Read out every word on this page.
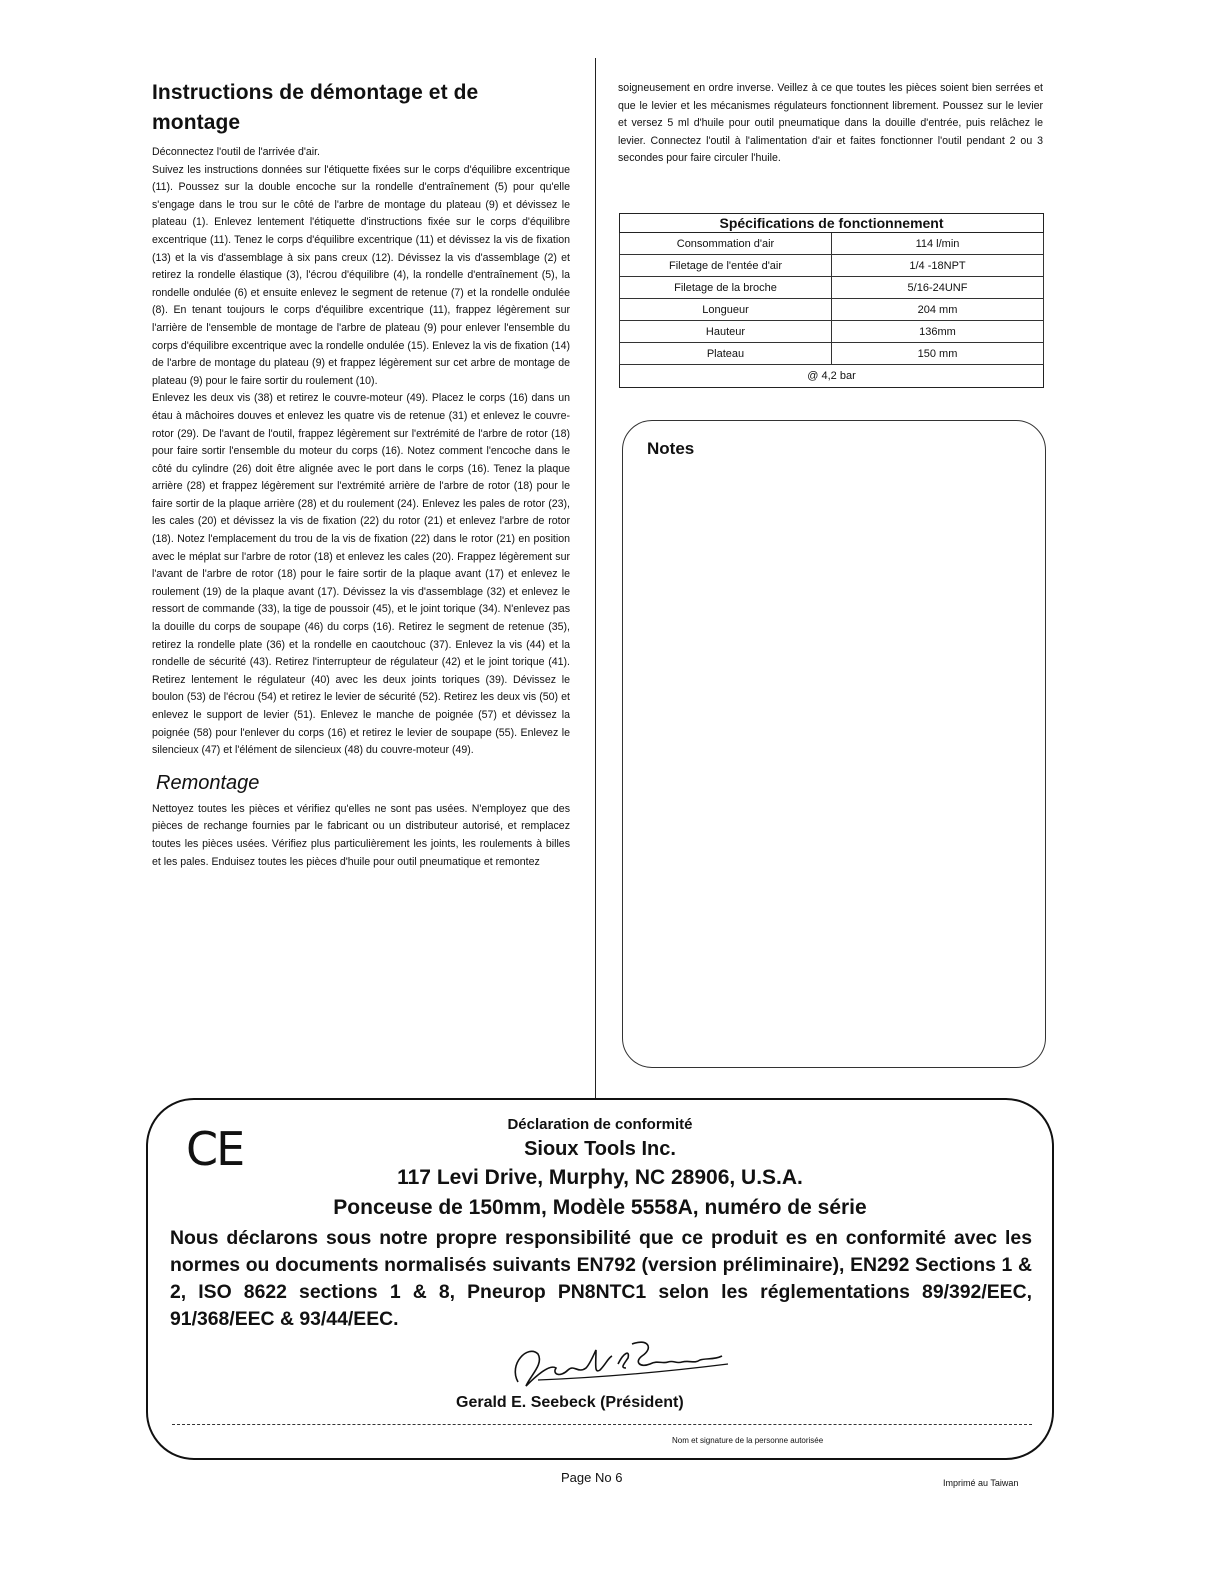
Instructions de démontage et de montage

Déconnectez l'outil de l'arrivée d'air.

Suivez les instructions données sur l'étiquette fixées sur le corps d'équilibre excentrique (11). Poussez sur la double encoche sur la rondelle d'entraînement (5) pour qu'elle s'engage dans le trou sur le côté de l'arbre de montage du plateau (9) et dévissez le plateau (1). Enlevez lentement l'étiquette d'instructions fixée sur le corps d'équilibre excentrique (11). Tenez le corps d'équilibre excentrique (11) et dévissez la vis de fixation (13) et la vis d'assemblage à six pans creux (12). Dévissez la vis d'assemblage (2) et retirez la rondelle élastique (3), l'écrou d'équilibre (4), la rondelle d'entraînement (5), la rondelle ondulée (6) et ensuite enlevez le segment de retenue (7) et la rondelle ondulée (8). En tenant toujours le corps d'équilibre excentrique (11), frappez légèrement sur l'arrière de l'ensemble de montage de l'arbre de plateau (9) pour enlever l'ensemble du corps d'équilibre excentrique avec la rondelle ondulée (15). Enlevez la vis de fixation (14) de l'arbre de montage du plateau (9) et frappez légèrement sur cet arbre de montage de plateau (9) pour le faire sortir du roulement (10).

Enlevez les deux vis (38) et retirez le couvre-moteur (49). Placez le corps (16) dans un étau à mâchoires douves et enlevez les quatre vis de retenue (31) et enlevez le couvre-rotor (29). De l'avant de l'outil, frappez légèrement sur l'extrémité de l'arbre de rotor (18) pour faire sortir l'ensemble du moteur du corps (16). Notez comment l'encoche dans le côté du cylindre (26) doit être alignée avec le port dans le corps (16). Tenez la plaque arrière (28) et frappez légèrement sur l'extrémité arrière de l'arbre de rotor (18) pour le faire sortir de la plaque arrière (28) et du roulement (24). Enlevez les pales de rotor (23), les cales (20) et dévissez la vis de fixation (22) du rotor (21) et enlevez l'arbre de rotor (18). Notez l'emplacement du trou de la vis de fixation (22) dans le rotor (21) en position avec le méplat sur l'arbre de rotor (18) et enlevez les cales (20). Frappez légèrement sur l'avant de l'arbre de rotor (18) pour le faire sortir de la plaque avant (17) et enlevez le roulement (19) de la plaque avant (17). Dévissez la vis d'assemblage (32) et enlevez le ressort de commande (33), la tige de poussoir (45), et le joint torique (34). N'enlevez pas la douille du corps de soupape (46) du corps (16). Retirez le segment de retenue (35), retirez la rondelle plate (36) et la rondelle en caoutchouc (37). Enlevez la vis (44) et la rondelle de sécurité (43). Retirez l'interrupteur de régulateur (42) et le joint torique (41). Retirez lentement le régulateur (40) avec les deux joints toriques (39). Dévissez le boulon (53) de l'écrou (54) et retirez le levier de sécurité (52). Retirez les deux vis (50) et enlevez le support de levier (51). Enlevez le manche de poignée (57) et dévissez la poignée (58) pour l'enlever du corps (16) et retirez le levier de soupape (55). Enlevez le silencieux (47) et l'élément de silencieux (48) du couvre-moteur (49).

Remontage

Nettoyez toutes les pièces et vérifiez qu'elles ne sont pas usées. N'employez que des pièces de rechange fournies par le fabricant ou un distributeur autorisé, et remplacez toutes les pièces usées. Vérifiez plus particulièrement les joints, les roulements à billes et les pales. Enduisez toutes les pièces d'huile pour outil pneumatique et remontez

soigneusement en ordre inverse. Veillez à ce que toutes les pièces soient bien serrées et que le levier et les mécanismes régulateurs fonctionnent librement. Poussez sur le levier et versez 5 ml d'huile pour outil pneumatique dans la douille d'entrée, puis relâchez le levier. Connectez l'outil à l'alimentation d'air et faites fonctionner l'outil pendant 2 ou 3 secondes pour faire circuler l'huile.

Spécifications de fonctionnement	
Consommation d'air	114 l/min
Filetage de l'entée d'air	1/4 -18NPT
Filetage de la broche	5/16-24UNF
Longueur	204 mm
Hauteur	136mm
Plateau	150 mm
@ 4,2 bar	
Notes
CE	Déclaration de conformité

Sioux Tools Inc.

117 Levi Drive, Murphy, NC 28906, U.S.A.

Ponceuse de 150mm, Modèle 5558A, numéro de série

Nous déclarons sous notre propre responsibilité que ce produit es en conformité avec les normes ou documents normalisés suivants EN792 (version préliminaire), EN292 Sections 1 & 2, ISO 8622 sections 1 & 8, Pneurop PN8NTC1 selon les réglementations 89/392/EEC, 91/368/EEC & 93/44/EEC.

Gerald E. Seebeck (Président)

Nom et signature de la personne autorisée

Page No 6	Imprimé au Taiwan
